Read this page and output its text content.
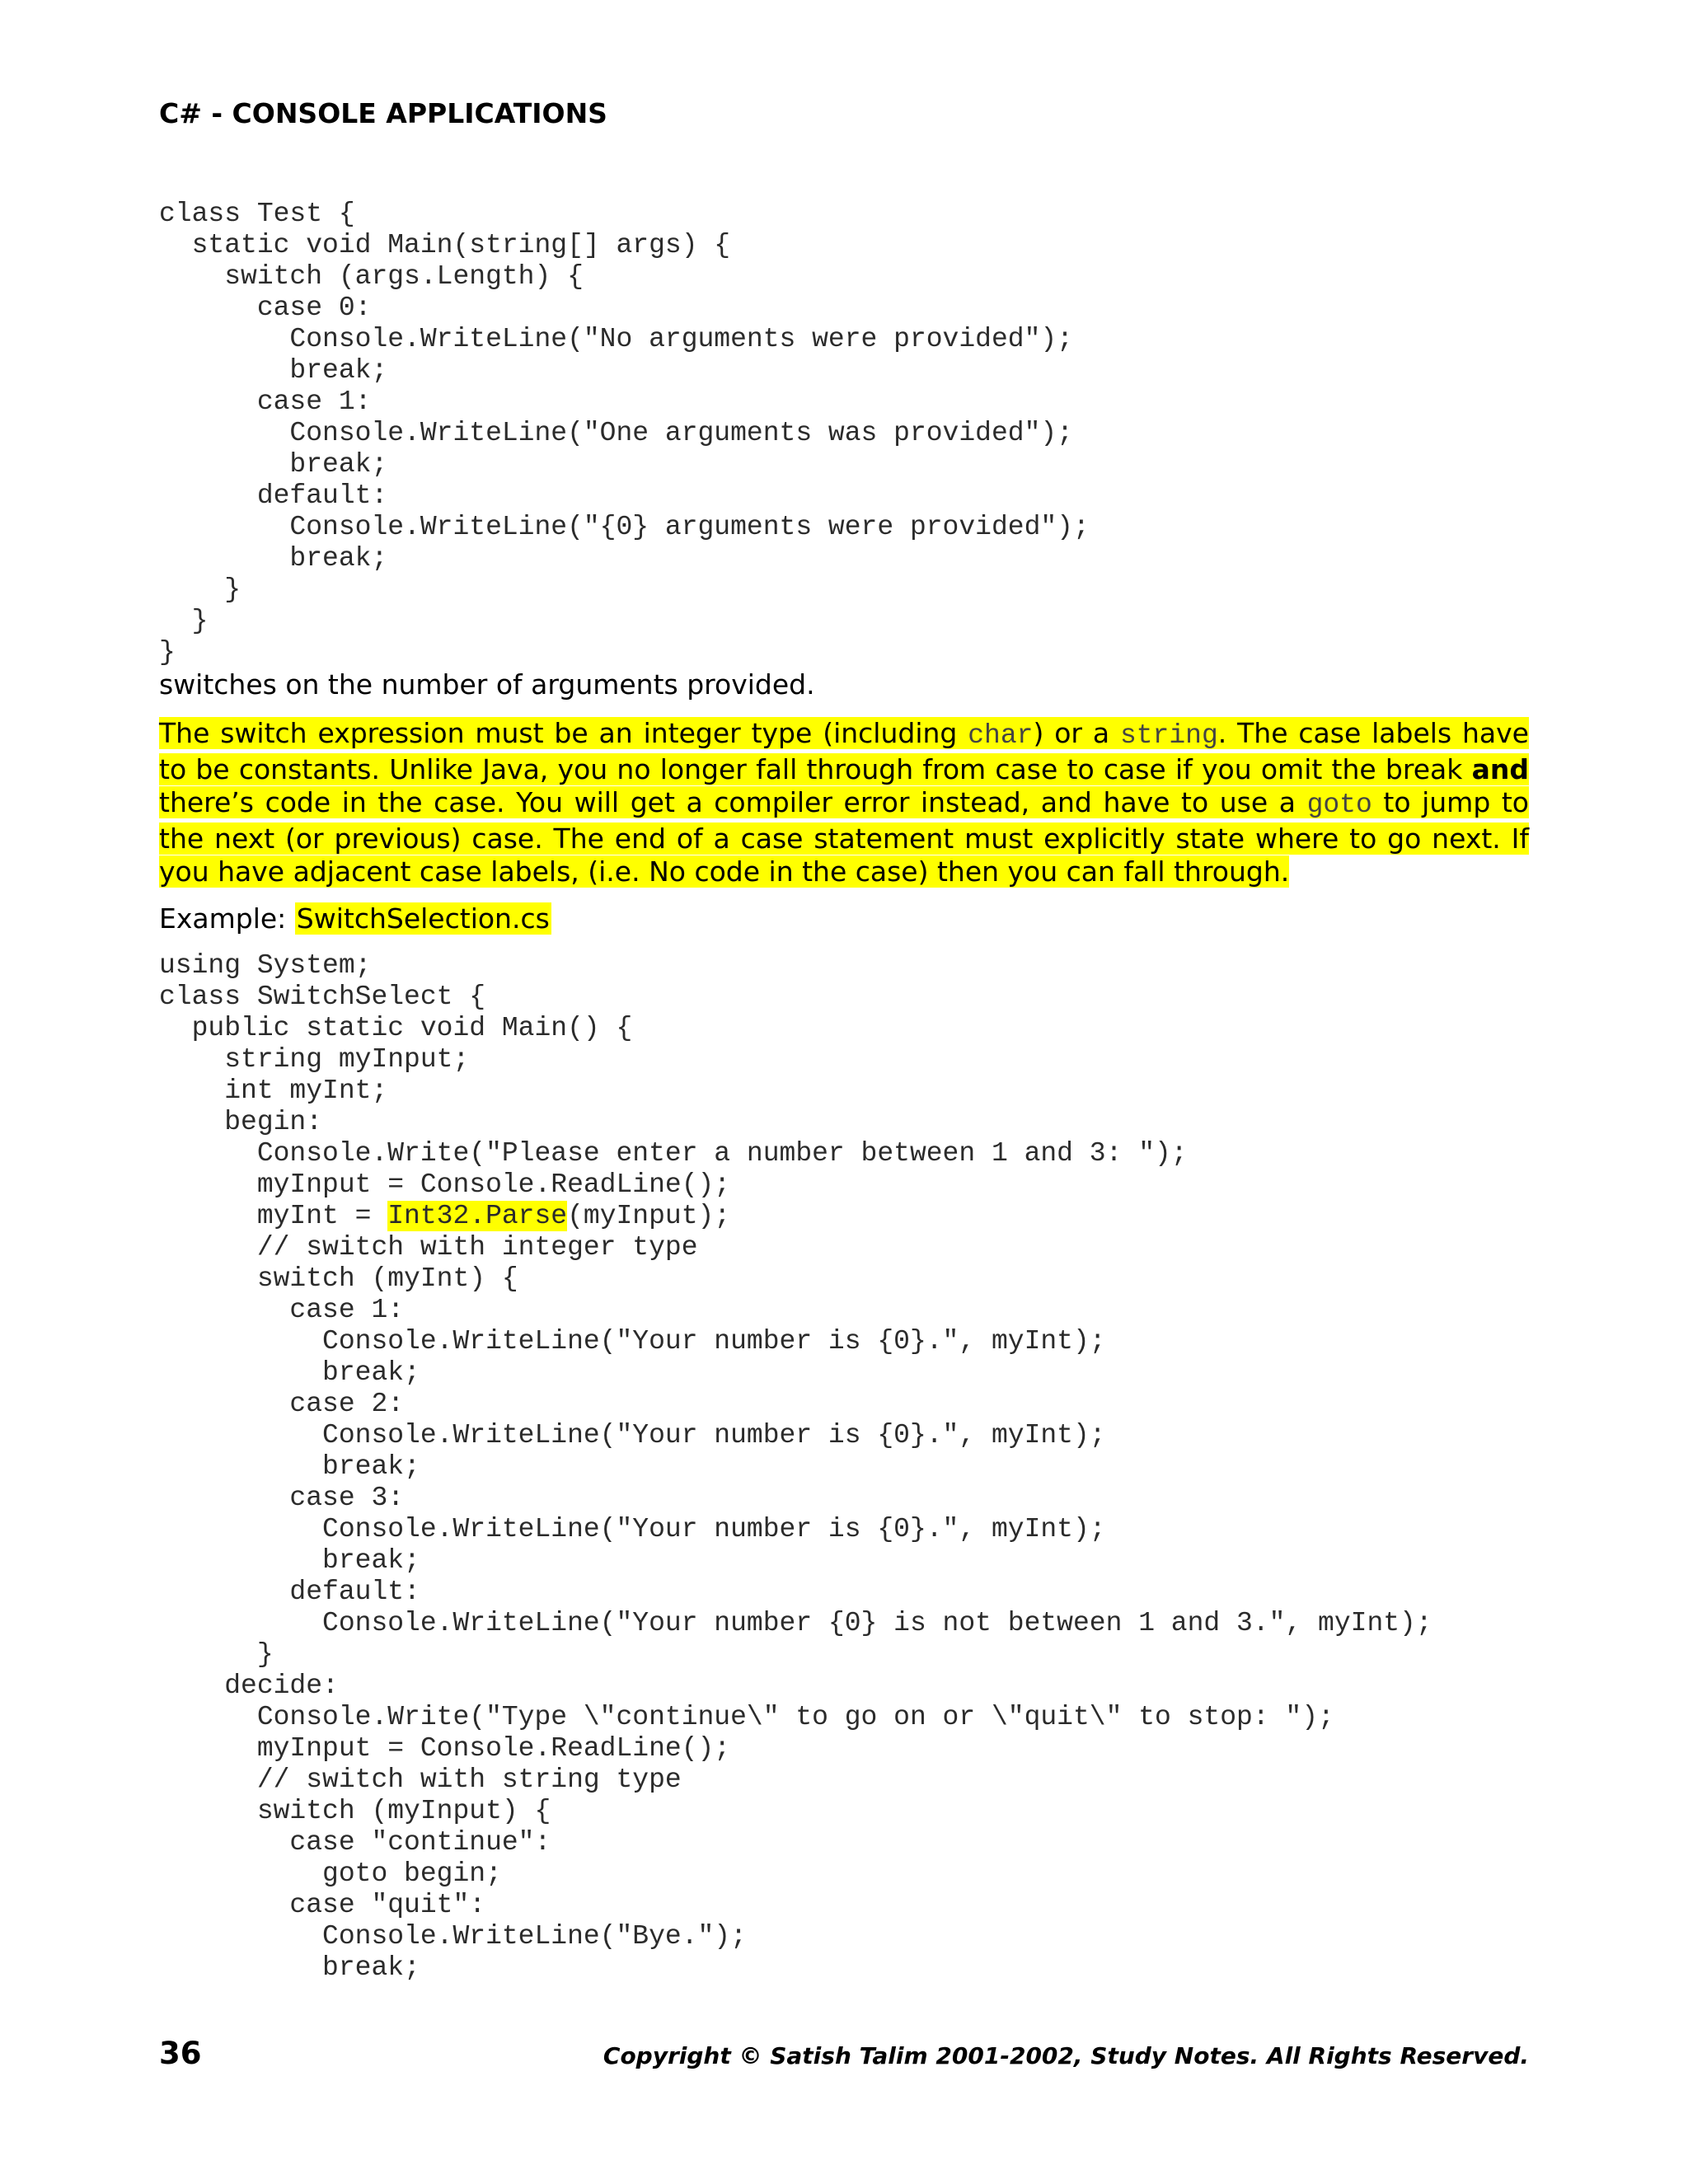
C# - CONSOLE APPLICATIONS
class Test {
static void Main(string[] args) {
switch (args.Length) {
case 0:
Console.WriteLine("No arguments were provided");
break;
case 1:
Console.WriteLine("One arguments was provided");
break;
default:
Console.WriteLine("{0} arguments were provided");
break;
}
}
}
switches on the number of arguments provided.
The switch expression must be an integer type (including char) or a string. The case labels have to be constants. Unlike Java, you no longer fall through from case to case if you omit the break and there’s code in the case. You will get a compiler error instead, and have to use a goto to jump to the next (or previous) case. The end of a case statement must explicitly state where to go next. If you have adjacent case labels, (i.e. No code in the case) then you can fall through.
Example: SwitchSelection.cs
using System;
class SwitchSelect {
public static void Main() {
string myInput;
int myInt;
begin:
Console.Write("Please enter a number between 1 and 3: ");
myInput = Console.ReadLine();
myInt = Int32.Parse(myInput);
// switch with integer type
switch (myInt) {
case 1:
Console.WriteLine("Your number is {0}.", myInt);
break;
case 2:
Console.WriteLine("Your number is {0}.", myInt);
break;
case 3:
Console.WriteLine("Your number is {0}.", myInt);
break;
default:
Console.WriteLine("Your number {0} is not between 1 and 3.", myInt);
}
decide:
Console.Write("Type \"continue\" to go on or \"quit\" to stop: ");
myInput = Console.ReadLine();
// switch with string type
switch (myInput) {
case "continue":
goto begin;
case "quit":
Console.WriteLine("Bye.");
break;
36	Copyright © Satish Talim 2001-2002, Study Notes. All Rights Reserved.
